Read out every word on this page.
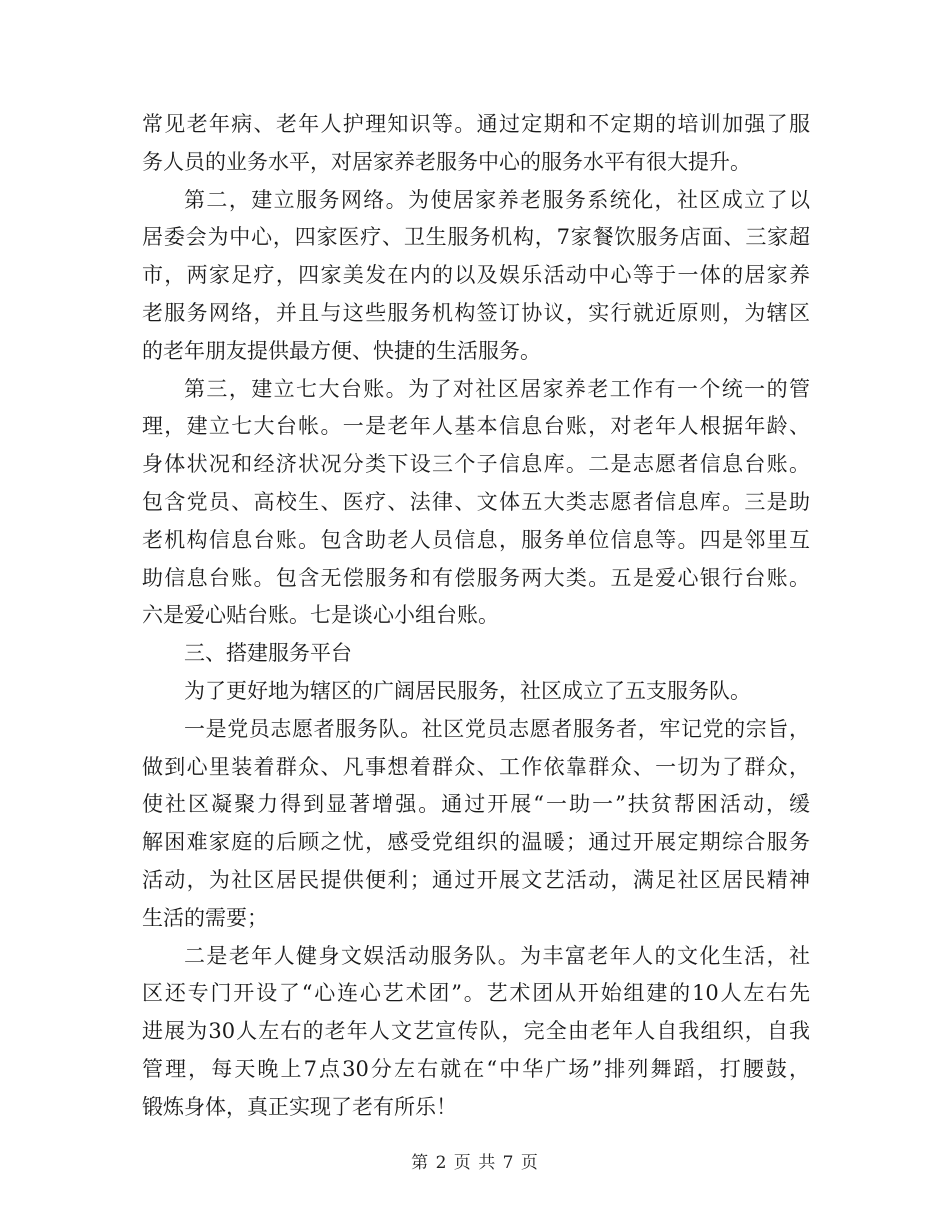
常见老年病、老年人护理知识等。通过定期和不定期的培训加强了服
务人员的业务水平，对居家养老服务中心的服务水平有很大提升。
第二，建立服务网络。为使居家养老服务系统化，社区成立了以
居委会为中心，四家医疗、卫生服务机构，7家餐饮服务店面、三家超
市，两家足疗，四家美发在内的以及娱乐活动中心等于一体的居家养
老服务网络，并且与这些服务机构签订协议，实行就近原则，为辖区
的老年朋友提供最方便、快捷的生活服务。
第三，建立七大台账。为了对社区居家养老工作有一个统一的管
理，建立七大台帐。一是老年人基本信息台账，对老年人根据年龄、
身体状况和经济状况分类下设三个子信息库。二是志愿者信息台账。
包含党员、高校生、医疗、法律、文体五大类志愿者信息库。三是助
老机构信息台账。包含助老人员信息，服务单位信息等。四是邻里互
助信息台账。包含无偿服务和有偿服务两大类。五是爱心银行台账。
六是爱心贴台账。七是谈心小组台账。
三、搭建服务平台
为了更好地为辖区的广阔居民服务，社区成立了五支服务队。
一是党员志愿者服务队。社区党员志愿者服务者，牢记党的宗旨，
做到心里装着群众、凡事想着群众、工作依靠群众、一切为了群众，
使社区凝聚力得到显著增强。通过开展“一助一”扶贫帮困活动，缓
解困难家庭的后顾之忧，感受党组织的温暖；通过开展定期综合服务
活动，为社区居民提供便利；通过开展文艺活动，满足社区居民精神
生活的需要；
二是老年人健身文娱活动服务队。为丰富老年人的文化生活，社
区还专门开设了“心连心艺术团”。艺术团从开始组建的10人左右先
进展为30人左右的老年人文艺宣传队，完全由老年人自我组织，自我
管理，每天晚上7点30分左右就在“中华广场”排列舞蹈，打腰鼓，
锻炼身体，真正实现了老有所乐！
第 2 页 共 7 页
